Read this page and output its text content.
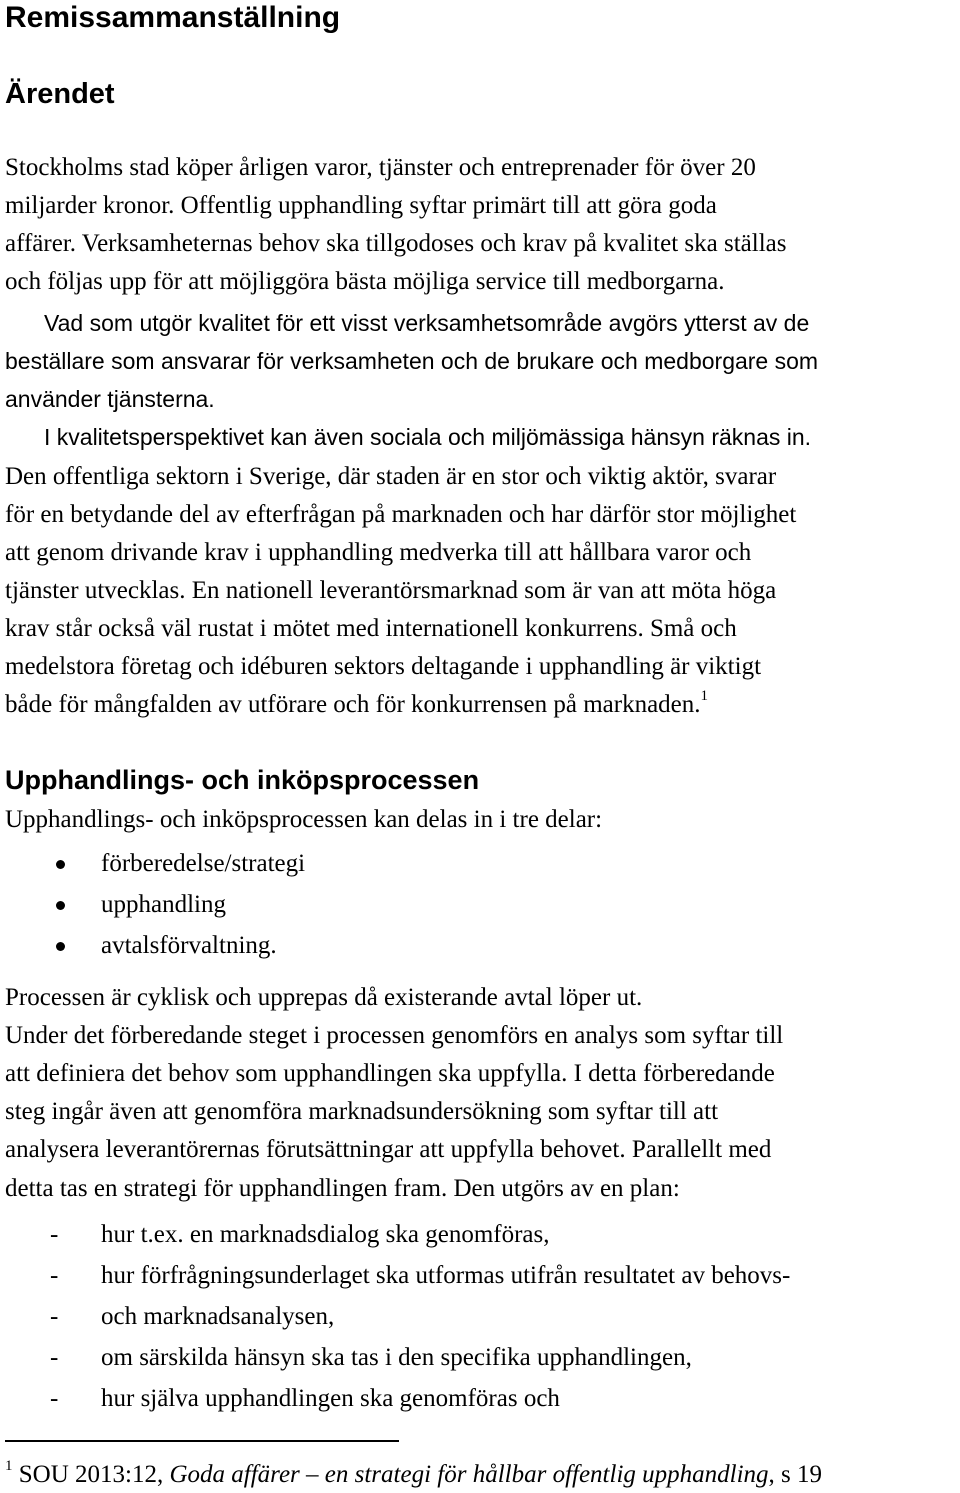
Remissammanställning
Ärendet
Stockholms stad köper årligen varor, tjänster och entreprenader för över 20
miljarder kronor. Offentlig upphandling syftar primärt till att göra goda
affärer. Verksamheternas behov ska tillgodoses och krav på kvalitet ska ställas
och följas upp för att möjliggöra bästa möjliga service till medborgarna.
Vad som utgör kvalitet för ett visst verksamhetsområde avgörs ytterst av de
beställare som ansvarar för verksamheten och de brukare och medborgare som
använder tjänsterna.
I kvalitetsperspektivet kan även sociala och miljömässiga hänsyn räknas in.
Den offentliga sektorn i Sverige, där staden är en stor och viktig aktör, svarar
för en betydande del av efterfrågan på marknaden och har därför stor möjlighet
att genom drivande krav i upphandling medverka till att hållbara varor och
tjänster utvecklas. En nationell leverantörsmarknad som är van att möta höga
krav står också väl rustat i mötet med internationell konkurrens. Små och
medelstora företag och idéburen sektors deltagande i upphandling är viktigt
både för mångfalden av utförare och för konkurrensen på marknaden.$^1$
Upphandlings- och inköpsprocessen
Upphandlings- och inköpsprocessen kan delas in i tre delar:
förberedelse/strategi
upphandling
avtalsförvaltning.
Processen är cyklisk och upprepas då existerande avtal löper ut.
Under det förberedande steget i processen genomförs en analys som syftar till
att definiera det behov som upphandlingen ska uppfylla. I detta förberedande
steg ingår även att genomföra marknadsundersökning som syftar till att
analysera leverantörernas förutsättningar att uppfylla behovet. Parallellt med
detta tas en strategi för upphandlingen fram. Den utgörs av en plan:
- hur t.ex. en marknadsdialog ska genomföras,
- hur förfrågningsunderlaget ska utformas utifrån resultatet av behovs-
- och marknadsanalysen,
- om särskilda hänsyn ska tas i den specifika upphandlingen,
- hur själva upphandlingen ska genomföras och
$^1$ SOU 2013:12, Goda affärer – en strategi för hållbar offentlig upphandling, s 19
